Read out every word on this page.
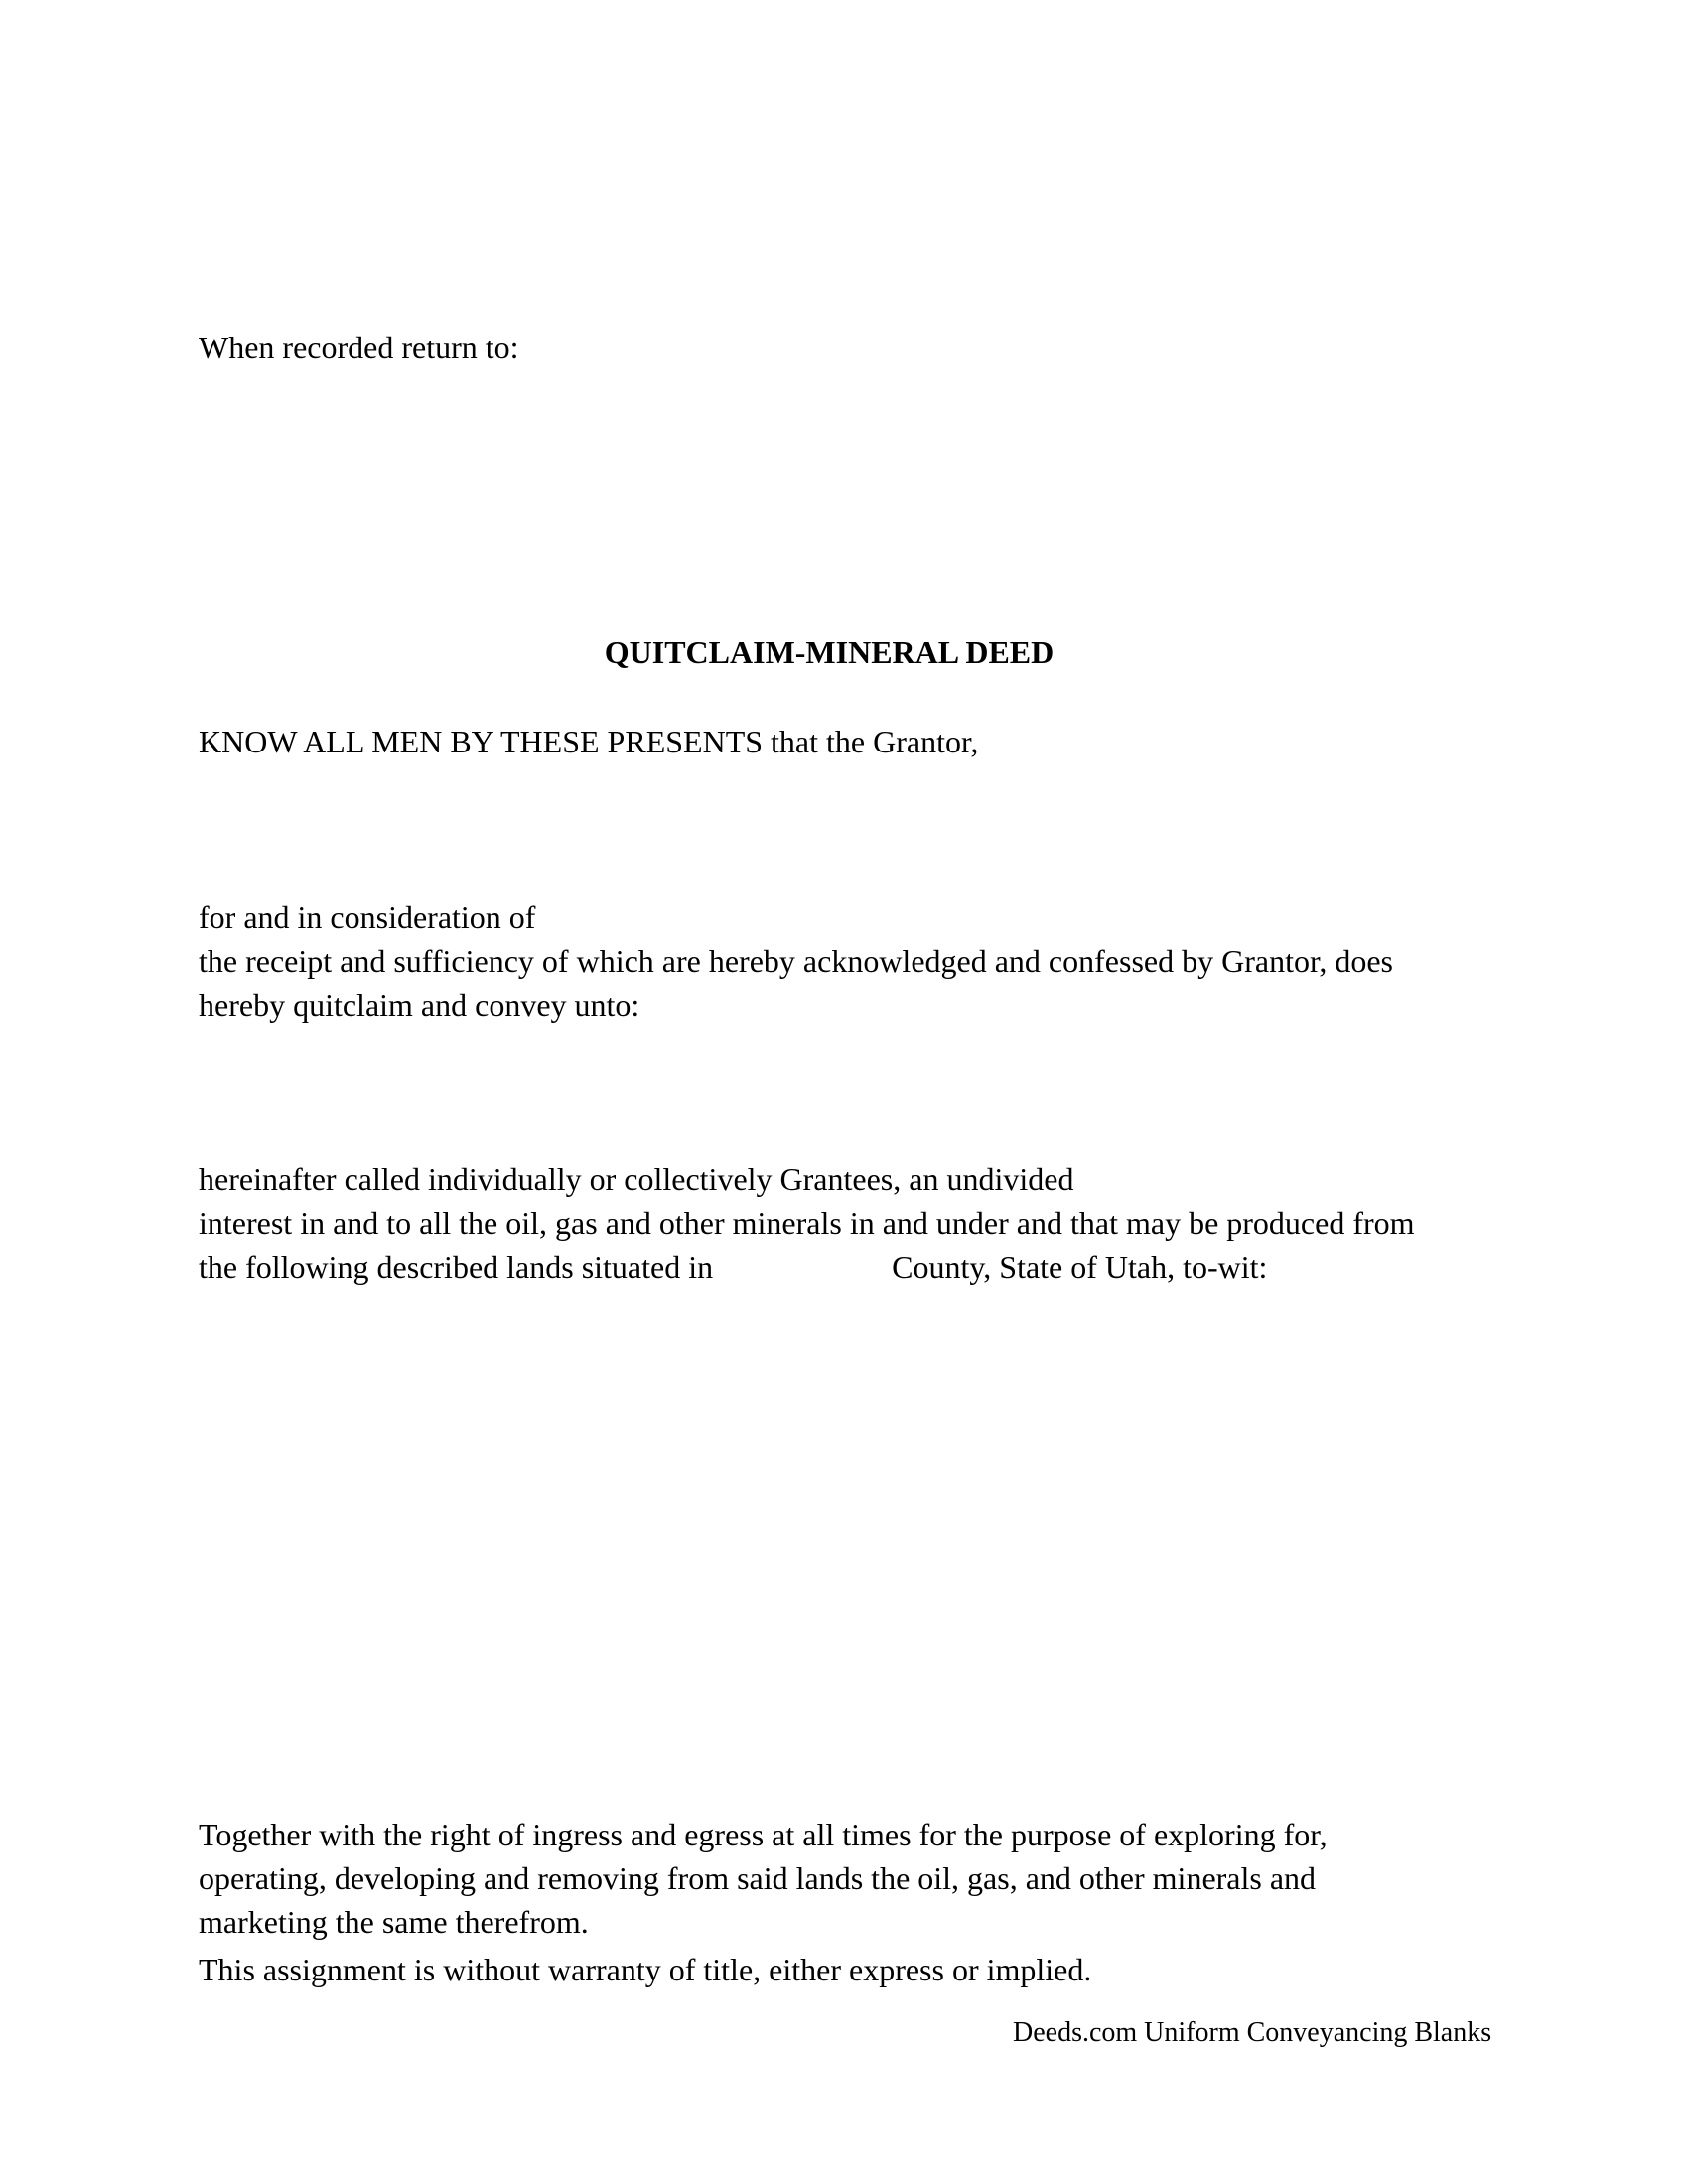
When recorded return to:

QUITCLAIM-MINERAL DEED

KNOW ALL MEN BY THESE PRESENTS that the Grantor,

for and in consideration of

the receipt and sufficiency of which are hereby acknowledged and confessed by Grantor, does

hereby quitclaim and convey unto:

hereinafter called individually or collectively Grantees, an undivided

interest in and to all the oil, gas and other minerals in and under and that may be produced from

the following described lands situated in	County, State of Utah, to-wit:

Together with the right of ingress and egress at all times for the purpose of exploring for,

operating, developing and removing from said lands the oil, gas, and other minerals and

marketing the same therefrom.

This assignment is without warranty of title, either express or implied.

Deeds.com Uniform Conveyancing Blanks
